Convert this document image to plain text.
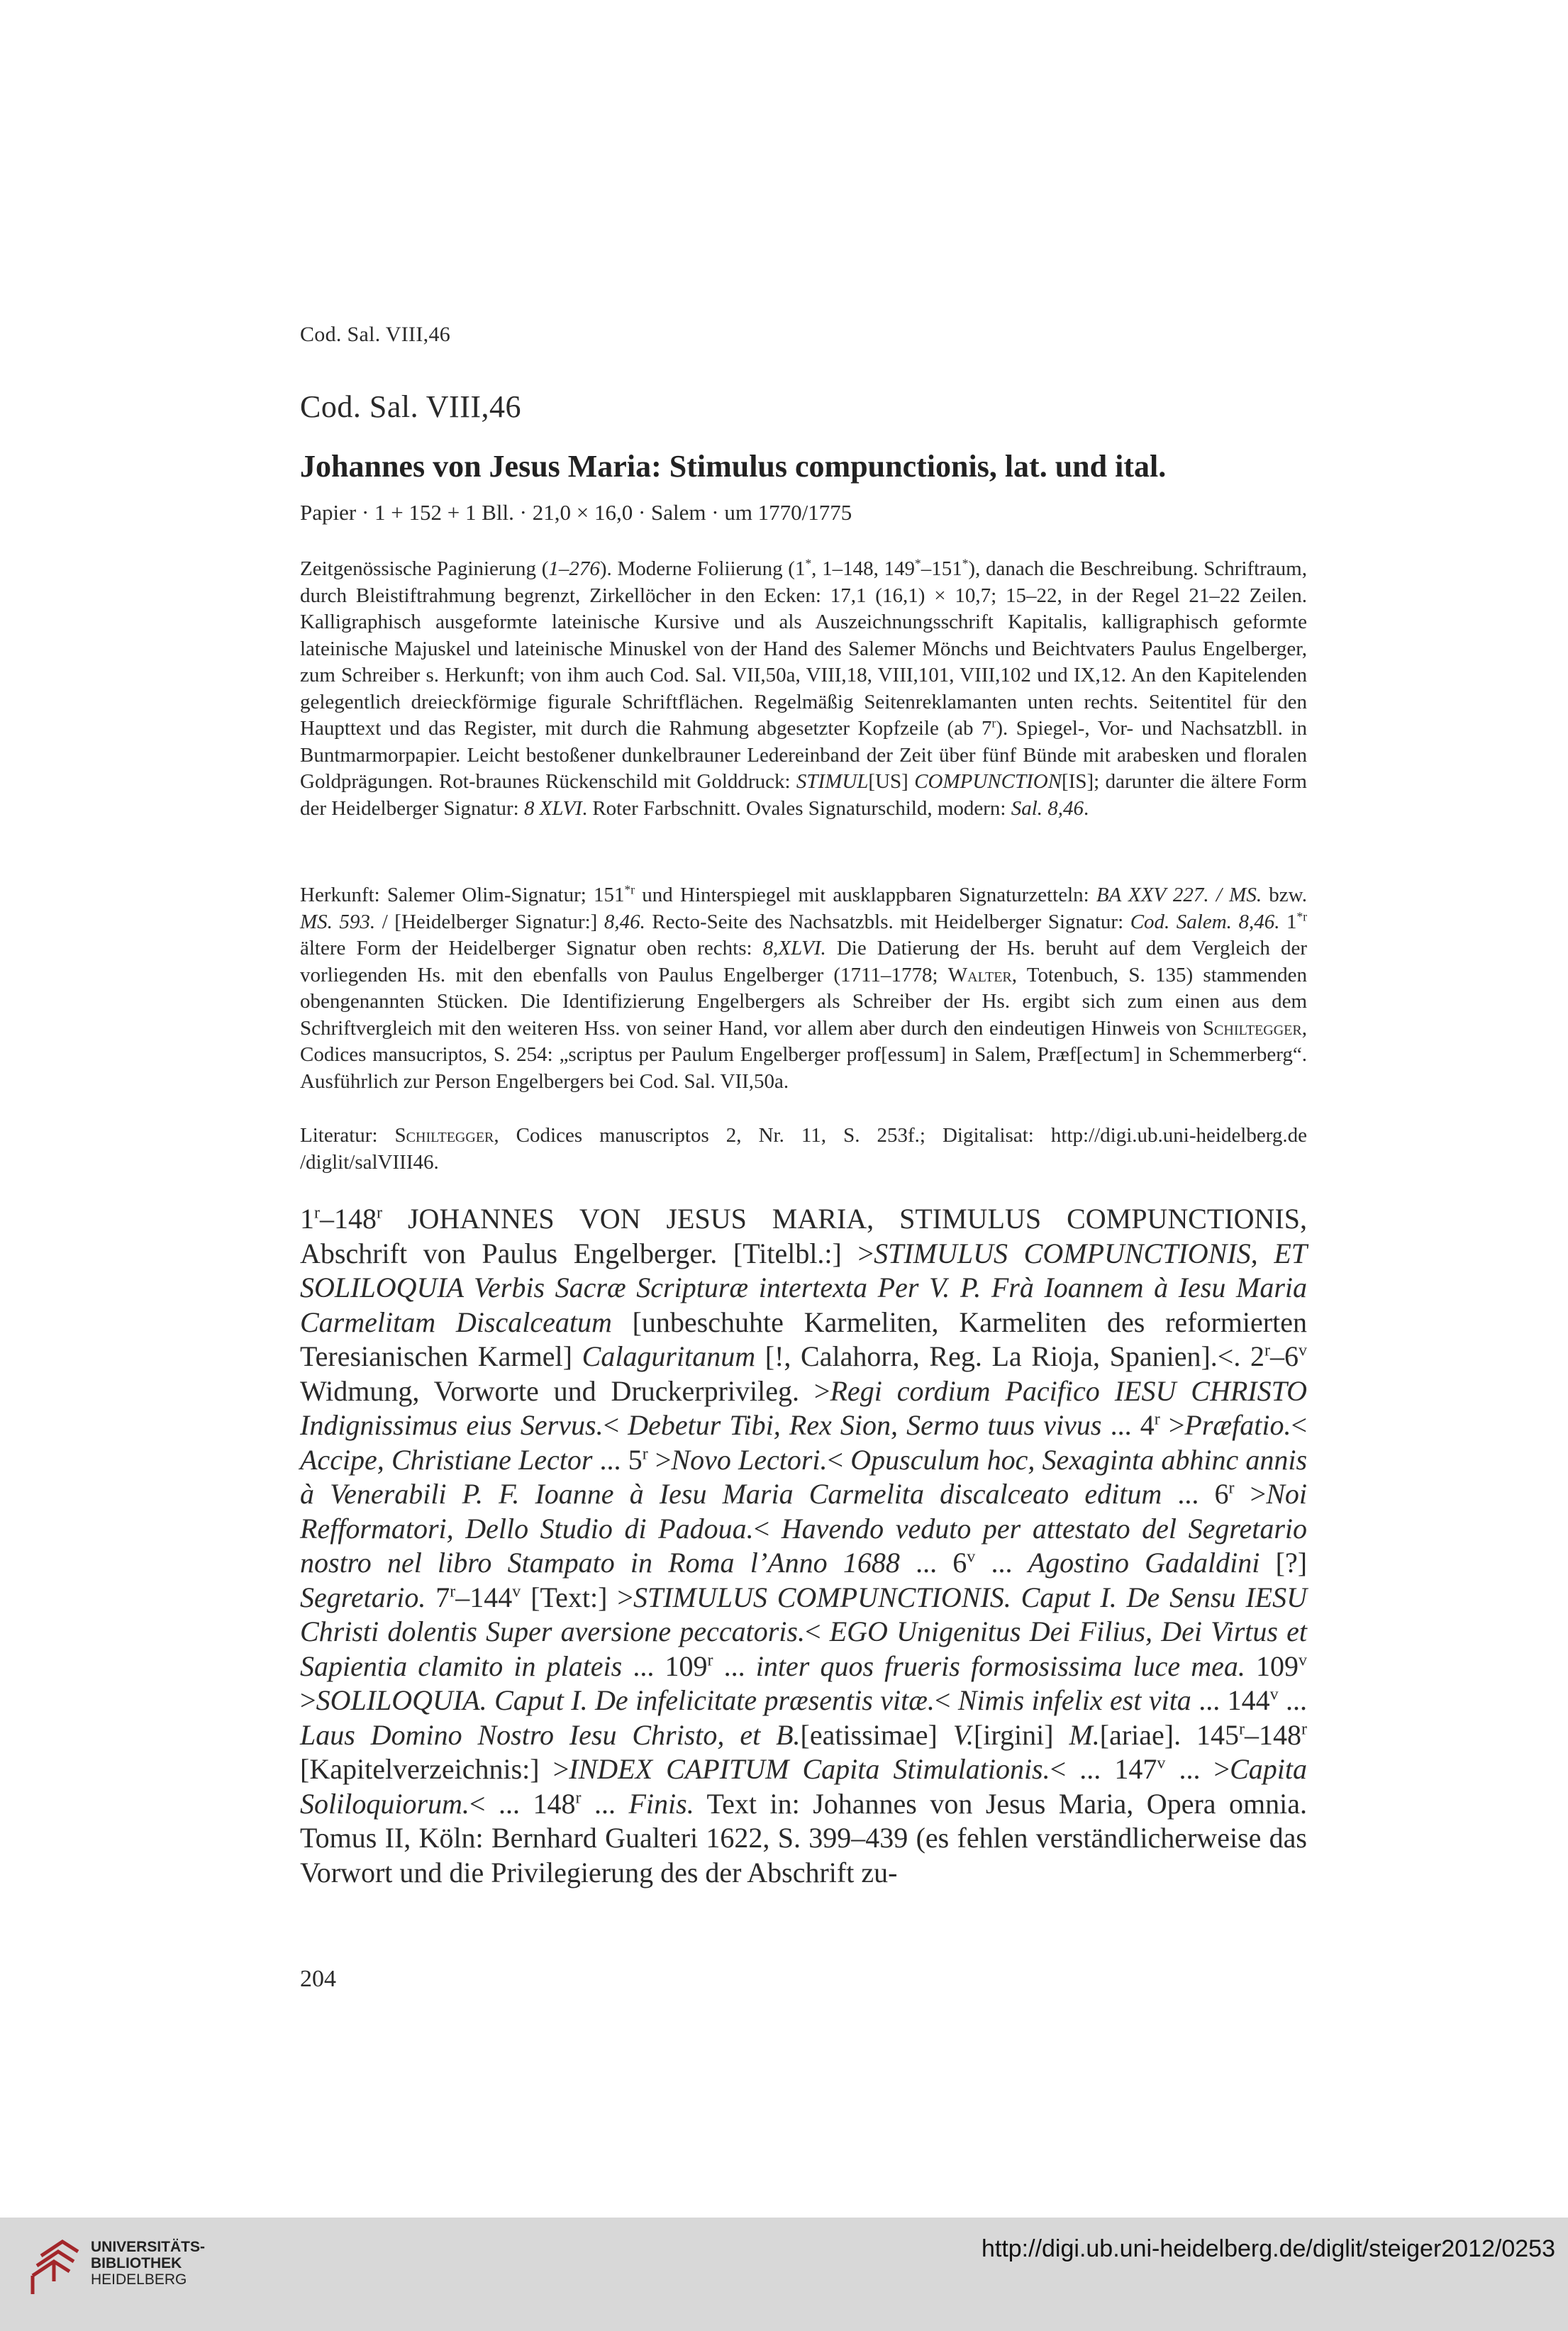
Cod. Sal. VIII,46
Cod. Sal. VIII,46
Johannes von Jesus Maria: Stimulus compunctionis, lat. und ital.
Papier · 1 + 152 + 1 Bll. · 21,0 × 16,0 · Salem · um 1770/1775

Zeitgenössische Paginierung (1–276). Moderne Foliierung (1*, 1–148, 149*–151*), danach die Beschreibung. Schriftraum, durch Bleistiftrahmung begrenzt, Zirkellöcher in den Ecken: 17,1 (16,1) × 10,7; 15–22, in der Regel 21–22 Zeilen. Kalligraphisch ausgeformte lateinische Kursive und als Auszeichnungsschrift Kapitalis, kalligraphisch geformte lateinische Majuskel und lateinische Minuskel von der Hand des Salemer Mönchs und Beichtvaters Paulus Engelberger, zum Schreiber s. Herkunft; von ihm auch Cod. Sal. VII,50a, VIII,18, VIII,101, VIII,102 und IX,12. An den Kapitelenden gelegentlich dreieckförmige figurale Schriftflächen. Regelmäßig Seitenreklamanten unten rechts. Seitentitel für den Haupttext und das Register, mit durch die Rahmung abgesetzter Kopfzeile (ab 7$^r$). Spiegel-, Vor- und Nachsatzbll. in Buntmarmorpapier. Leicht bestoßener dunkelbrauner Ledereinband der Zeit über fünf Bünde mit arabesken und floralen Goldprägungen. Rot-braunes Rückenschild mit Golddruck: STIMUL[US] COMPUNCTION[IS]; darunter die ältere Form der Heidelberger Signatur: 8 XLVI. Roter Farbschnitt. Ovales Signaturschild, modern: Sal. 8,46.

Herkunft: Salemer Olim-Signatur; 151$^{*r}$ und Hinterspiegel mit ausklappbaren Signaturzetteln: BA XXV 227. / MS. bzw. MS. 593. / [Heidelberger Signatur:] 8,46. Recto-Seite des Nachsatzbls. mit Heidelberger Signatur: Cod. Salem. 8,46. 1$^{*r}$ ältere Form der Heidelberger Signatur oben rechts: 8,XLVI. Die Datierung der Hs. beruht auf dem Vergleich der vorliegenden Hs. mit den ebenfalls von Paulus Engelberger (1711–1778; Walter, Totenbuch, S. 135) stammenden obengenannten Stücken. Die Identifizierung Engelbergers als Schreiber der Hs. ergibt sich zum einen aus dem Schriftvergleich mit den weiteren Hss. von seiner Hand, vor allem aber durch den eindeutigen Hinweis von Schiltegger, Codices mansucriptos, S. 254: „scriptus per Paulum Engelberger prof[essum] in Salem, Præf[ectum] in Schemmerberg“. Ausführlich zur Person Engelbergers bei Cod. Sal. VII,50a.

Literatur: Schiltegger, Codices manuscriptos 2, Nr. 11, S. 253f.; Digitalisat: http://digi.ub.uni-heidelberg.de /diglit/salVIII46.

1$^r$–148$^r$ JOHANNES VON JESUS MARIA, STIMULUS COMPUNCTIONIS, Abschrift von Paulus Engelberger. [Titelbl.:] >STIMULUS COMPUNCTIONIS, ET SOLILOQUIA Verbis Sacræ Scripturæ intertexta Per V. P. Frà Ioannem à Iesu Maria Carmelitam Discalceatum [unbeschuhte Karmeliten, Karmeliten des reformierten Teresianischen Karmel] Calaguritanum [!, Calahorra, Reg. La Rioja, Spanien].<. 2$^r$–6$^v$ Widmung, Vorworte und Druckerprivileg. >Regi cordium Pacifico IESU CHRISTO Indignissimus eius Servus.< Debetur Tibi, Rex Sion, Sermo tuus vivus ... $4^r$ >Præfatio.< Accipe, Christiane Lector ... $5^r$ >Novo Lectori.< Opusculum hoc, Sexaginta abhinc annis à Venerabili P. F. Ioanne à Iesu Maria Carmelita discalceato editum ... $6^r >Noi$ Refformatori, Dello Studio di Padoua.< Havendo veduto per attestato del Segretario nostro nel libro Stampato in Roma l’Anno 1688 ... 6$^v$ ... Agostino Gadaldini [?] Segretario. 7$^r$–144$^v$ [Text:] >STIMULUS COMPUNCTIONIS. Caput I. De Sensu IESU Christi dolentis Super aversione peccatoris.< EGO Unigenitus Dei Filius, Dei Virtus et Sapientia clamito in plateis ... 109$^r$ ... inter quos frueris formosissima luce mea. $109^v$ >SOLILOQUIA. Caput I. De infelicitate præsentis vitæ.< Nimis infelix est vita ... 144$^v$ ... Laus Domino Nostro Iesu Christo, et B.[eatissimae] V.[irgini] M.[ariae]. 145$^r$–148$^r$ [Kapitelverzeichnis:] >INDEX CAPITUM Capita Stimulationis.< ... 147$^v$ ... >Capita Soliloquiorum.< ... 148$^r$ ... Finis. Text in: Johannes von Jesus Maria, Opera omnia. Tomus II, Köln: Bernhard Gualteri 1622, S. 399–439 (es fehlen verständlicherweise das Vorwort und die Privilegierung des der Abschrift zu-

204
UNIVERSITÄTS-
BIBLIOTHEK
HEIDELBERG
http://digi.ub.uni-heidelberg.de/diglit/steiger2012/0253
